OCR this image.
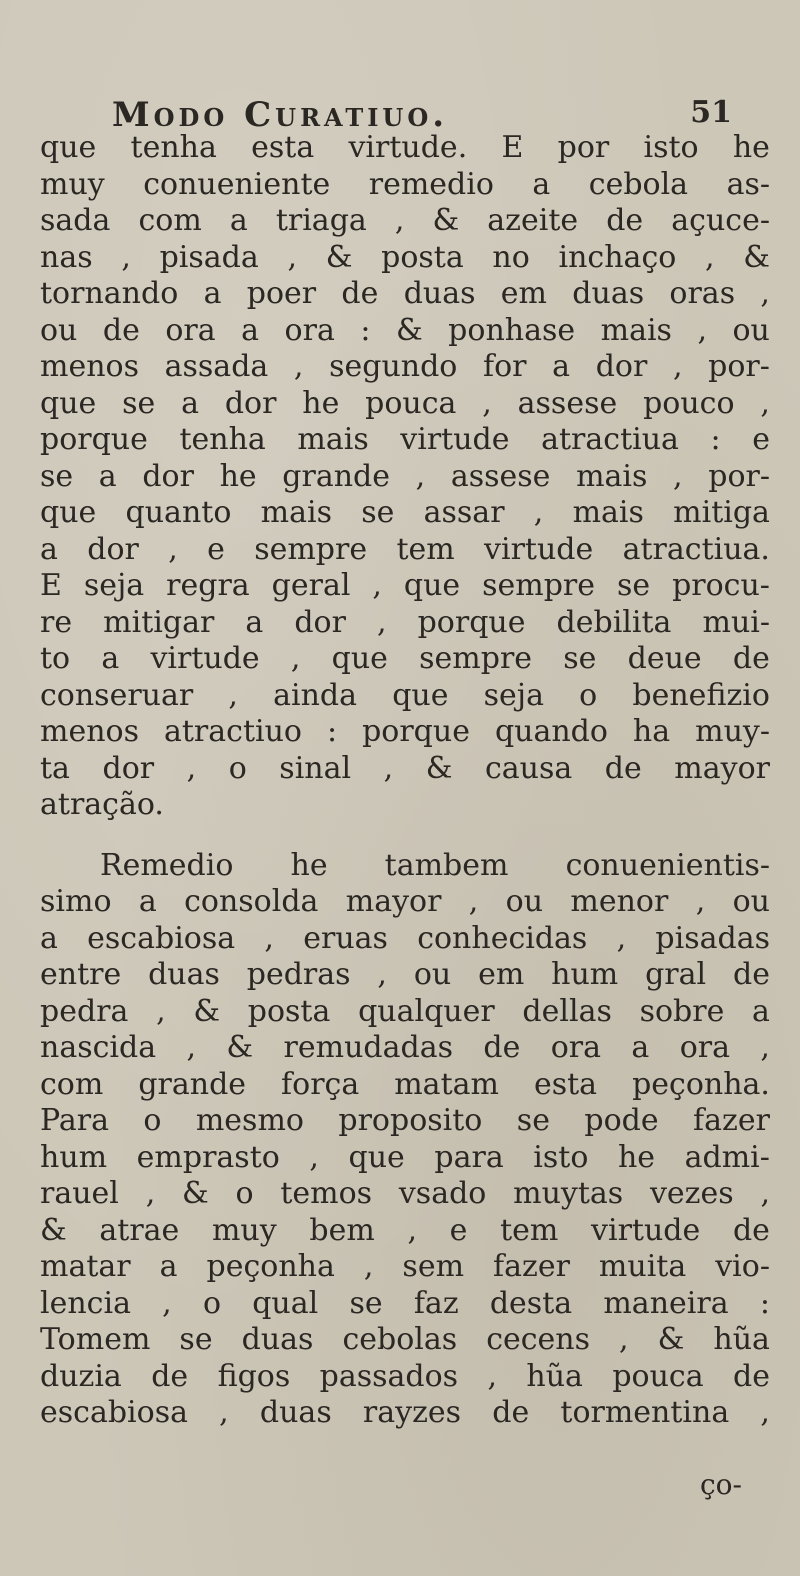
Modo Curatiuo.	51
que tenha esta virtude. E por isto he
muy conueniente remedio a cebola as-
sada com a triaga , & azeite de açuce-
nas , pisada , & posta no inchaço , &
tornando a poer de duas em duas oras ,
ou de ora a ora : & ponhase mais , ou
menos assada , segundo for a dor , por-
que se a dor he pouca , assese pouco ,
porque tenha mais virtude atractiua : e
se a dor he grande , assese mais , por-
que quanto mais se assar , mais mitiga
a dor , e sempre tem virtude atractiua.
E seja regra geral , que sempre se procu-
re mitigar a dor , porque debilita mui-
to a virtude , que sempre se deue de
conseruar , ainda que seja o benefizio
menos atractiuo : porque quando ha muy-
ta dor , o sinal , & causa de mayor
atração.
Remedio he tambem conuenientis-
simo a consolda mayor , ou menor , ou
a escabiosa , eruas conhecidas , pisadas
entre duas pedras , ou em hum gral de
pedra , & posta qualquer dellas sobre a
nascida , & remudadas de ora a ora ,
com grande força matam esta peçonha.
Para o mesmo proposito se pode fazer
hum emprasto , que para isto he admi-
rauel , & o temos vsado muytas vezes ,
& atrae muy bem , e tem virtude de
matar a peçonha , sem fazer muita vio-
lencia , o qual se faz desta maneira :
Tomem se duas cebolas cecens , & hũa
duzia de figos passados , hũa pouca de
escabiosa , duas rayzes de tormentina ,
ço-
